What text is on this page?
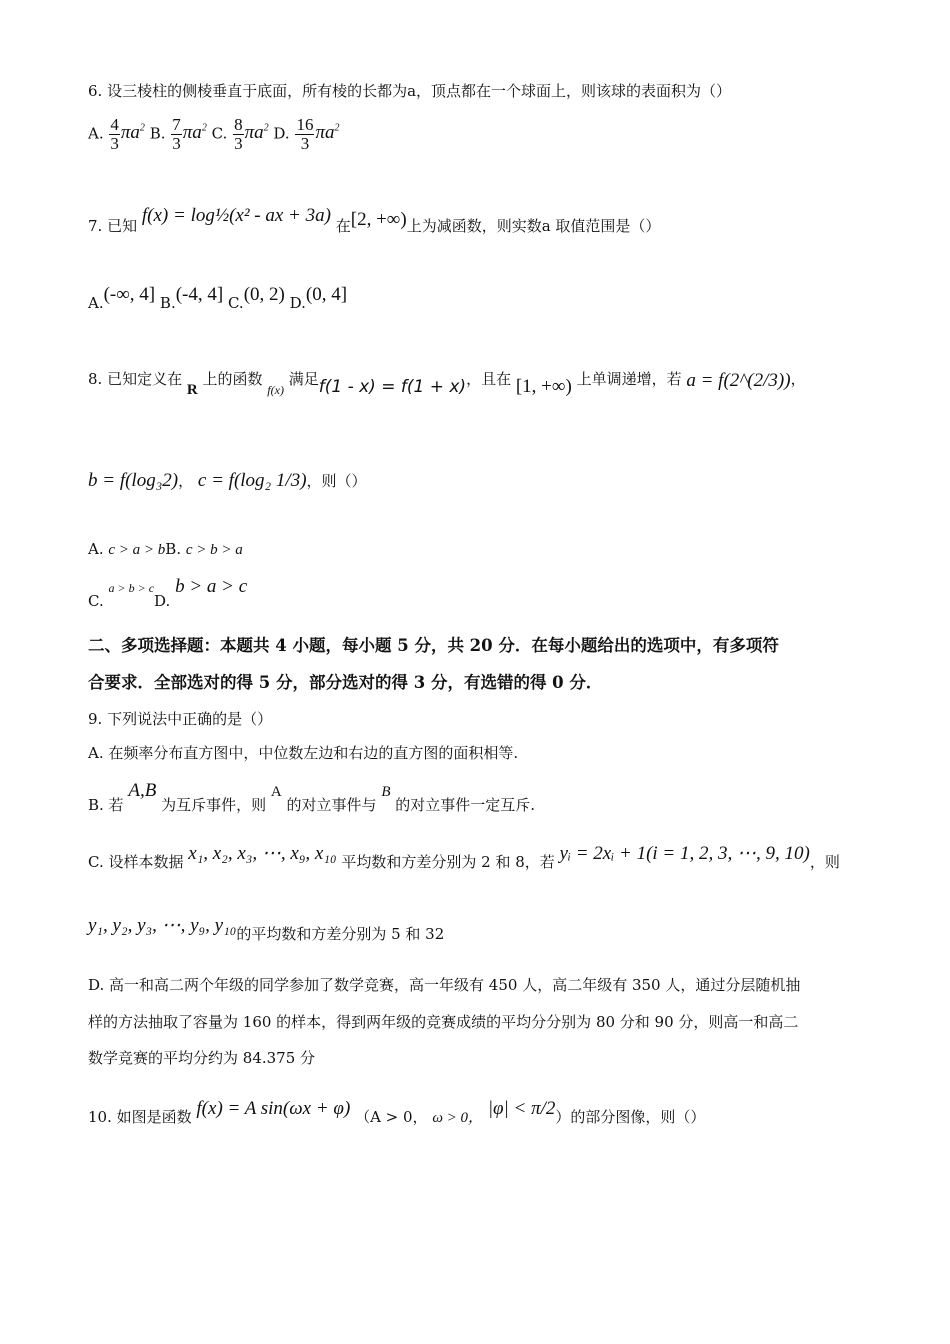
6. 设三棱柱的侧棱垂直于底面，所有棱的长都为a，顶点都在一个球面上，则该球的表面积为（）
A. $\frac{4}{3} \pi a^2$ B. $\frac{7}{3} \pi a^2$ C. $\frac{8}{3} \pi a^2$ D. $\frac{16}{3} \pi a^2$
7. 已知 f(x) = log½(x² - ax + 3a) 在[2, +∞)上为减函数，则实数a 取值范围是（）
A.(-∞, 4] B.(-4, 4] C.(0, 2) D.(0, 4]
8. 已知定义在 R 上的函数 $_{f(x)}$ 满足f(1 - x) = f(1 + x)，且在 [1, +∞) 上单调递增，若 a = f(2^(2/3))，
b = f(log₃2)， c = f(log₂ 1/3)，则（）
A. c > a > bB. c > b > a
C. a > b > cD. b > a > c
二、多项选择题：本题共 4 小题，每小题 5 分，共 20 分．在每小题给出的选项中，有多项符
合要求．全部选对的得 5 分，部分选对的得 3 分，有选错的得 0 分．
9. 下列说法中正确的是（）
A. 在频率分布直方图中，中位数左边和右边的直方图的面积相等.
B. 若 A,B 为互斥事件，则 A 的对立事件与 B 的对立事件一定互斥.
C. 设样本数据 x₁, x₂, x₃, ⋯, x₉, x₁₀ 平均数和方差分别为 2 和 8，若 yᵢ = 2xᵢ + 1(i = 1, 2, 3, ⋯, 9, 10)，则
y₁, y₂, y₃, ⋯, y₉, y₁₀的平均数和方差分别为 5 和 32
D. 高一和高二两个年级的同学参加了数学竞赛，高一年级有 450 人，高二年级有 350 人，通过分层随机抽
样的方法抽取了容量为 160 的样本，得到两年级的竞赛成绩的平均分分别为 80 分和 90 分，则高一和高二
数学竞赛的平均分约为 84.375 分
10. 如图是函数 f(x) = A sin(ωx + φ) （A > 0， ω > 0， |φ| < π/2）的部分图像，则（）
